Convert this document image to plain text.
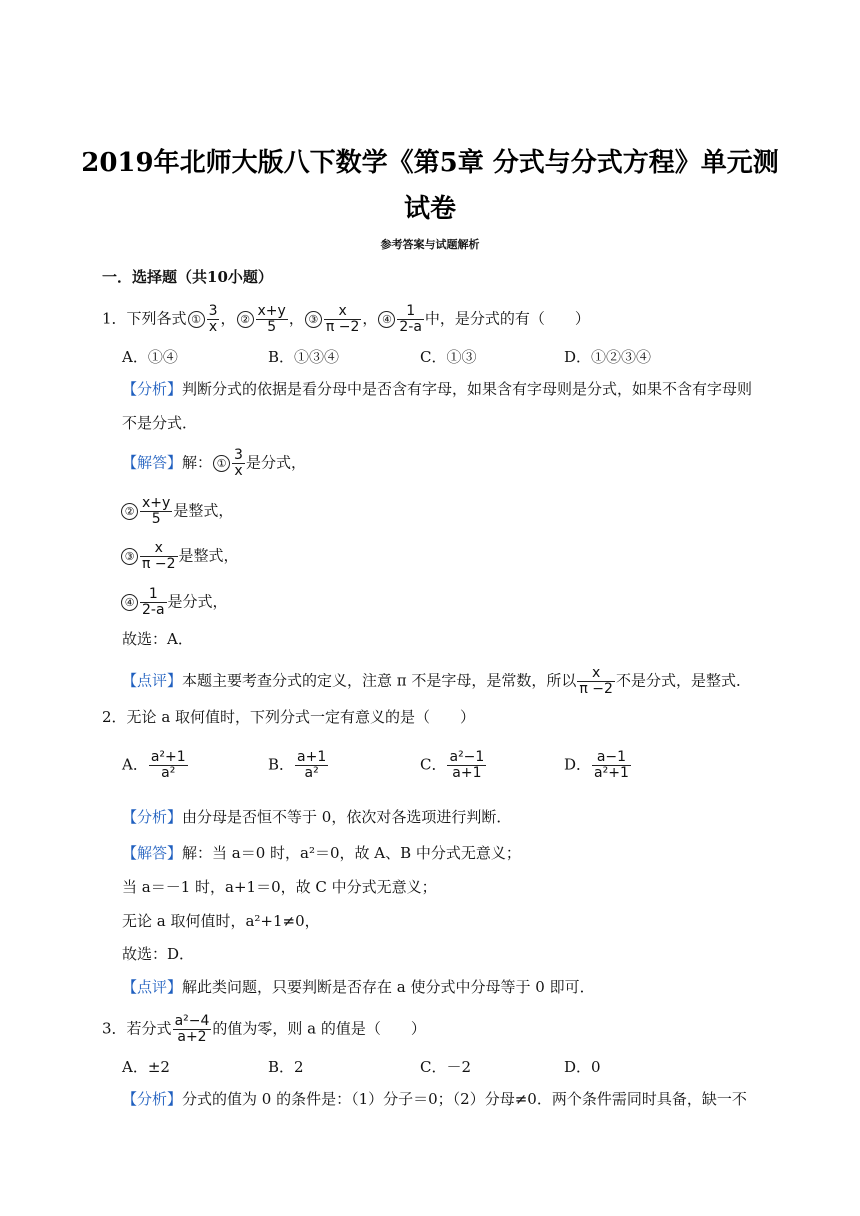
2019年北师大版八下数学《第5章 分式与分式方程》单元测
试卷
参考答案与试题解析
一．选择题（共10小题）
1．下列各式 ① $\frac{3}{x}$ ， ② $\frac{x+y}{5}$ ， ③ $\frac{x}{\pi -2}$ ， ④ $\frac{1}{2-a}$ 中，是分式的有（　　）
A．①④	B．①③④	C．①③	D．①②③④
【分析】判断分式的依据是看分母中是否含有字母，如果含有字母则是分式，如果不含有字母则
不是分式．
【解答】解： ① $\frac{3}{x}$ 是分式，
② $\frac{x+y}{5}$ 是整式，
③ $\frac{x}{\pi -2}$ 是整式，
④ $\frac{1}{2-a}$ 是分式，
故选：A．
【点评】本题主要考查分式的定义，注意 π 不是字母，是常数，所以 $\frac{x}{\pi -2}$ 不是分式，是整式．
2．无论 a 取何值时，下列分式一定有意义的是（　　）
A． $\frac{\text{a²+1}}{\text{a²}}$	B． $\frac{a+1}{\text{a²}}$	C． $\frac{\text{a²−1}}{a+1}$	D． $\frac{a-1}{\text{a²+1}}$
【分析】由分母是否恒不等于 0，依次对各选项进行判断．
【解答】解：当 a＝0 时，a²＝0，故 A、B 中分式无意义；
当 a＝－1 时，a+1＝0，故 C 中分式无意义；
无论 a 取何值时，a²+1≠0，
故选：D．
【点评】解此类问题，只要判断是否存在 a 使分式中分母等于 0 即可．
3．若分式 $\frac{\text{a²−4}}{a+2}$ 的值为零，则 a 的值是（　　）
A．±2	B．2	C．－2	D．0
【分析】分式的值为 0 的条件是：（1）分子＝0；（2）分母≠0．两个条件需同时具备，缺一不
